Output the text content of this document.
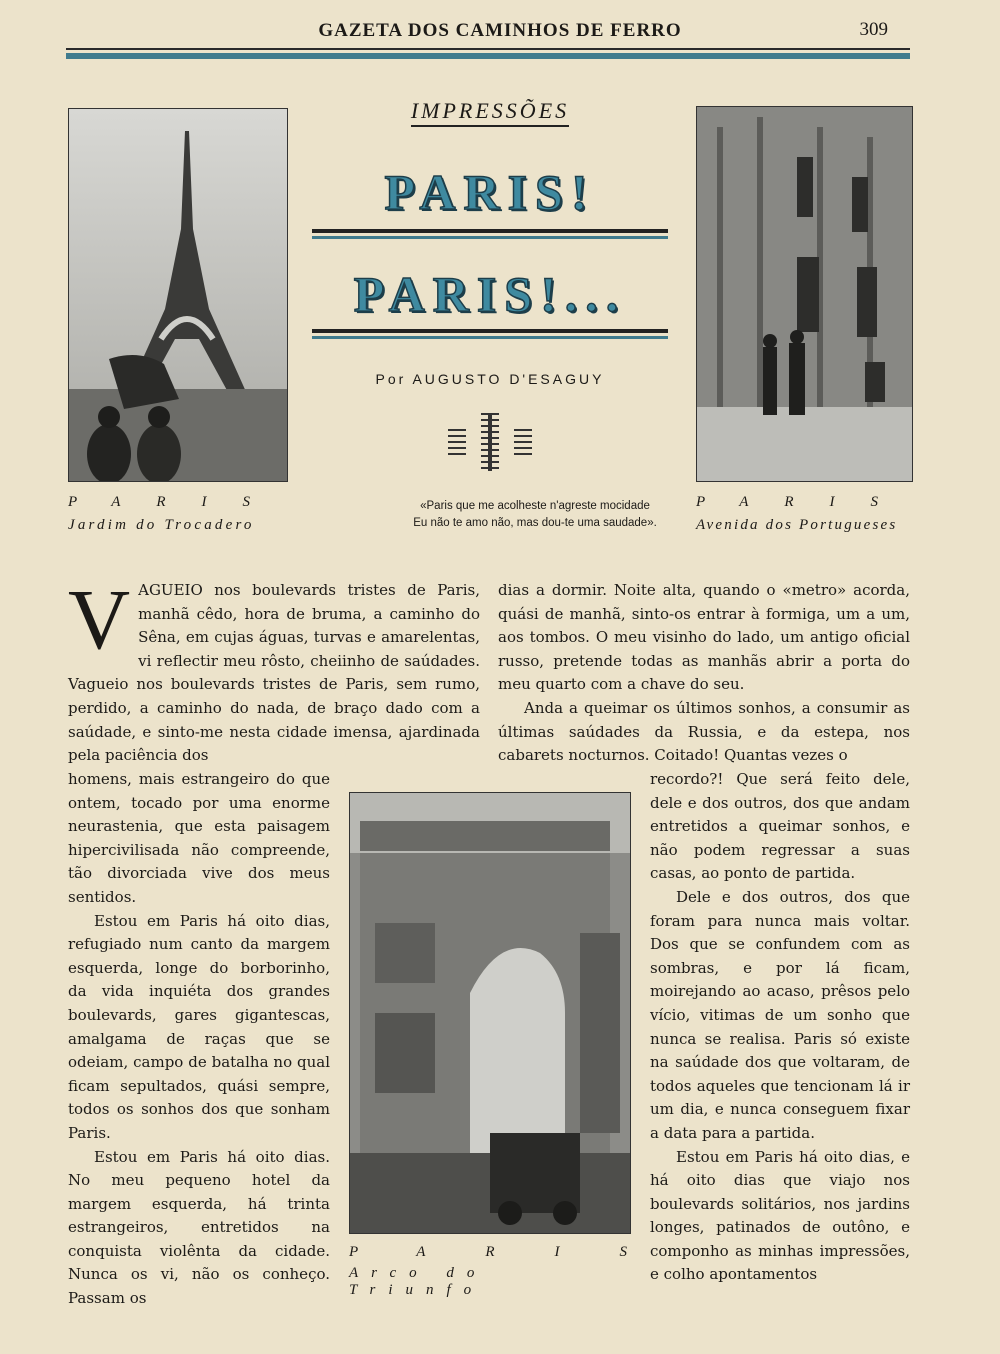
GAZETA DOS CAMINHOS DE FERRO	309
PARIS
Jardim do Trocadero
PARIS
Avenida dos Portugueses
IMPRESSÕES
PARIS!
PARIS!...
Por AUGUSTO D'ESAGUY
«Paris que me acolheste n'agreste mocidade
Eu não te amo não, mas dou-te uma saudade».

VAGUEIO nos boulevards tristes de Paris, manhã cêdo, hora de bruma, a caminho do Sêna, em cujas águas, turvas e amarelentas, vi reflectir meu rôsto, cheiinho de saúdades. Vagueio nos boulevards tristes de Paris, sem rumo, perdido, a caminho do nada, de braço dado com a saúdade, e sinto-me nesta cidade imensa, ajardinada pela paciência dos

homens, mais estrangeiro do que ontem, tocado por uma enorme neurastenia, que esta paisagem hipercivilisada não compreende, tão divorciada vive dos meus sentidos.

Estou em Paris há oito dias, refugiado num canto da margem esquerda, longe do borborinho, da vida inquiéta dos grandes boulevards, gares gigantescas, amalgama de raças que se odeiam, campo de batalha no qual ficam sepultados, quási sempre, todos os sonhos dos que sonham Paris.

Estou em Paris há oito dias. No meu pequeno hotel da margem esquerda, há trinta estrangeiros, entretidos na conquista violênta da cidade. Nunca os vi, não os conheço. Passam os

dias a dormir. Noite alta, quando o «metro» acorda, quási de manhã, sinto-os entrar à formiga, um a um, aos tombos. O meu visinho do lado, um antigo oficial russo, pretende todas as manhãs abrir a porta do meu quarto com a chave do seu.

Anda a queimar os últimos sonhos, a consumir as últimas saúdades da Russia, e da estepa, nos cabarets nocturnos. Coitado! Quantas vezes o

recordo?! Que será feito dele, dele e dos outros, dos que andam entretidos a queimar sonhos, e não podem regressar a suas casas, ao ponto de partida.

Dele e dos outros, dos que foram para nunca mais voltar. Dos que se confundem com as sombras, e por lá ficam, moirejando ao acaso, prêsos pelo vício, vitimas de um sonho que nunca se realisa. Paris só existe na saúdade dos que voltaram, de todos aqueles que tencionam lá ir um dia, e nunca conseguem fixar a data para a partida.

Estou em Paris há oito dias, e há oito dias que viajo nos boulevards solitários, nos jardins longes, patinados de outôno, e componho as minhas impressões, e colho apontamentos

PARIS
Arco do Triunfo
